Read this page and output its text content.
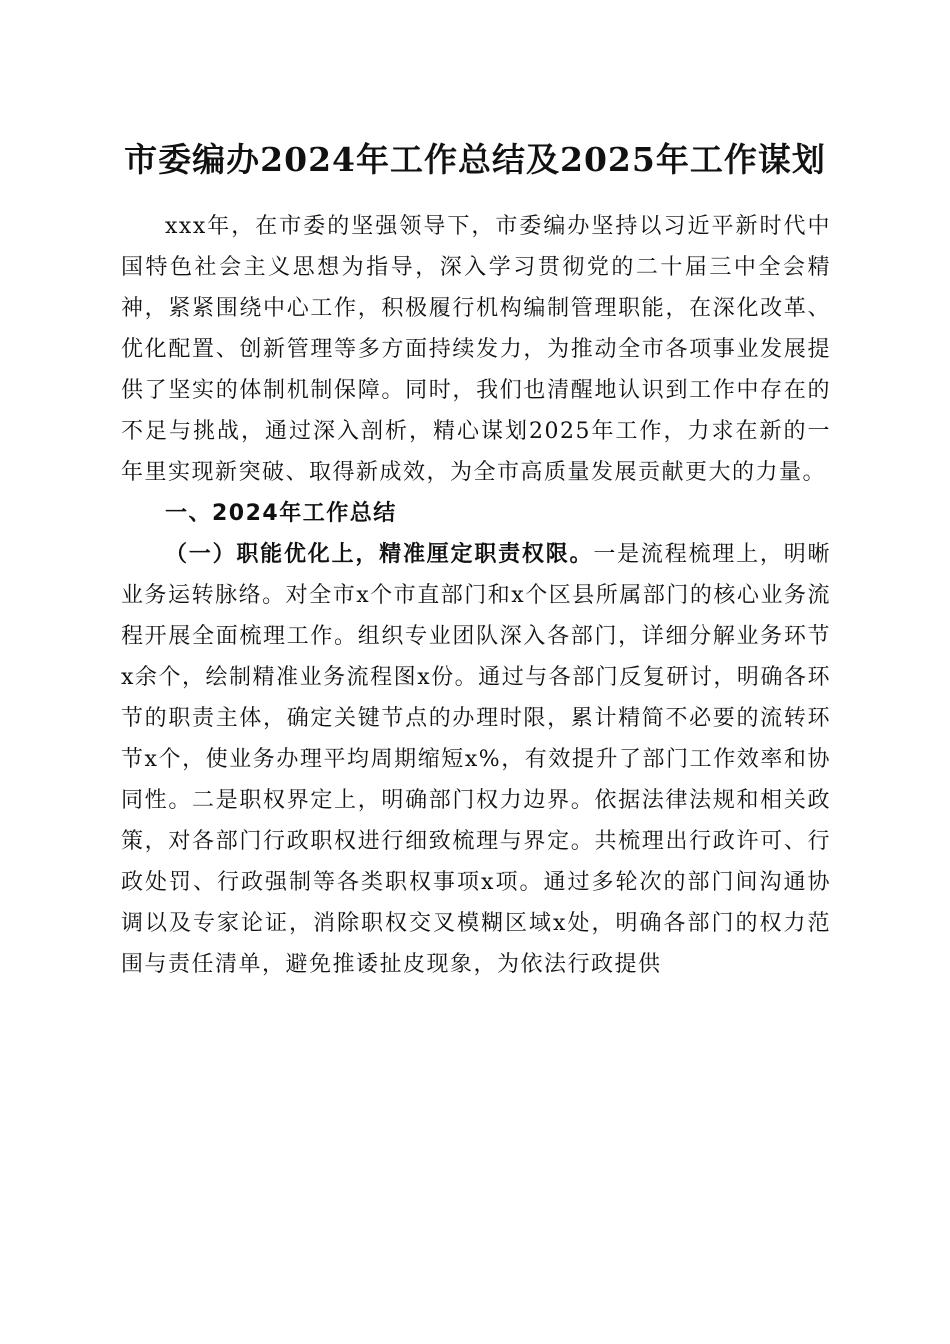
市委编办2024年工作总结及2025年工作谋划

xxx年，在市委的坚强领导下，市委编办坚持以习近平新时代中国特色社会主义思想为指导，深入学习贯彻党的二十届三中全会精神，紧紧围绕中心工作，积极履行机构编制管理职能，在深化改革、优化配置、创新管理等多方面持续发力，为推动全市各项事业发展提供了坚实的体制机制保障。同时，我们也清醒地认识到工作中存在的不足与挑战，通过深入剖析，精心谋划2025年工作，力求在新的一年里实现新突破、取得新成效，为全市高质量发展贡献更大的力量。

一、2024年工作总结

（一）职能优化上，精准厘定职责权限。一是流程梳理上，明晰业务运转脉络。对全市x个市直部门和x个区县所属部门的核心业务流程开展全面梳理工作。组织专业团队深入各部门，详细分解业务环节x余个，绘制精准业务流程图x份。通过与各部门反复研讨，明确各环节的职责主体，确定关键节点的办理时限，累计精简不必要的流转环节x个，使业务办理平均周期缩短x%，有效提升了部门工作效率和协同性。二是职权界定上，明确部门权力边界。依据法律法规和相关政策，对各部门行政职权进行细致梳理与界定。共梳理出行政许可、行政处罚、行政强制等各类职权事项x项。通过多轮次的部门间沟通协调以及专家论证，消除职权交叉模糊区域x处，明确各部门的权力范围与责任清单，避免推诿扯皮现象，为依法行政提供
